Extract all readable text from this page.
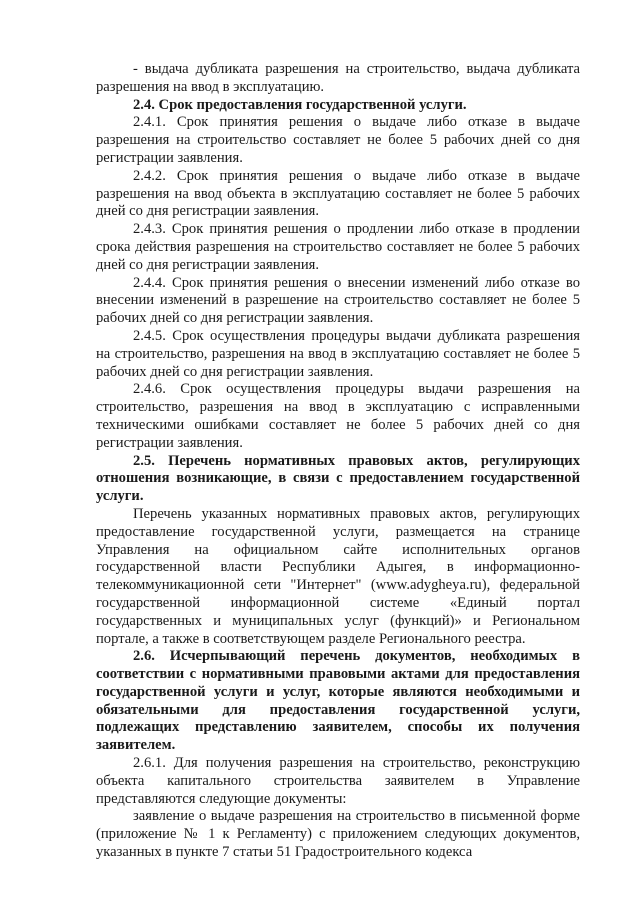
- выдача дубликата разрешения на строительство, выдача дубликата разрешения на ввод в эксплуатацию.

2.4. Срок предоставления государственной услуги.

2.4.1. Срок принятия решения о выдаче либо отказе в выдаче разрешения на строительство составляет не более 5 рабочих дней со дня регистрации заявления.

2.4.2. Срок принятия решения о выдаче либо отказе в выдаче разрешения на ввод объекта в эксплуатацию составляет не более 5 рабочих дней со дня регистрации заявления.

2.4.3. Срок принятия решения о продлении либо отказе в продлении срока действия разрешения на строительство составляет не более 5 рабочих дней со дня регистрации заявления.

2.4.4. Срок принятия решения о внесении изменений либо отказе во внесении изменений в разрешение на строительство составляет не более 5 рабочих дней со дня регистрации заявления.

2.4.5. Срок осуществления процедуры выдачи дубликата разрешения на строительство, разрешения на ввод в эксплуатацию составляет не более 5 рабочих дней со дня регистрации заявления.

2.4.6. Срок осуществления процедуры выдачи разрешения на строительство, разрешения на ввод в эксплуатацию с исправленными техническими ошибками составляет не более 5 рабочих дней со дня регистрации заявления.

2.5. Перечень нормативных правовых актов, регулирующих отношения возникающие, в связи с предоставлением государственной услуги.

Перечень указанных нормативных правовых актов, регулирующих предоставление государственной услуги, размещается на странице Управления на официальном сайте исполнительных органов государственной власти Республики Адыгея, в информационно-телекоммуникационной сети "Интернет" (www.adygheya.ru), федеральной государственной информационной системе «Единый портал государственных и муниципальных услуг (функций)» и Региональном портале, а также в соответствующем разделе Регионального реестра.

2.6. Исчерпывающий перечень документов, необходимых в соответствии с нормативными правовыми актами для предоставления государственной услуги и услуг, которые являются необходимыми и обязательными для предоставления государственной услуги, подлежащих представлению заявителем, способы их получения заявителем.

2.6.1. Для получения разрешения на строительство, реконструкцию объекта капитального строительства заявителем в Управление представляются следующие документы:

заявление о выдаче разрешения на строительство в письменной форме (приложение № 1 к Регламенту) с приложением следующих документов, указанных в пункте 7 статьи 51 Градостроительного кодекса
